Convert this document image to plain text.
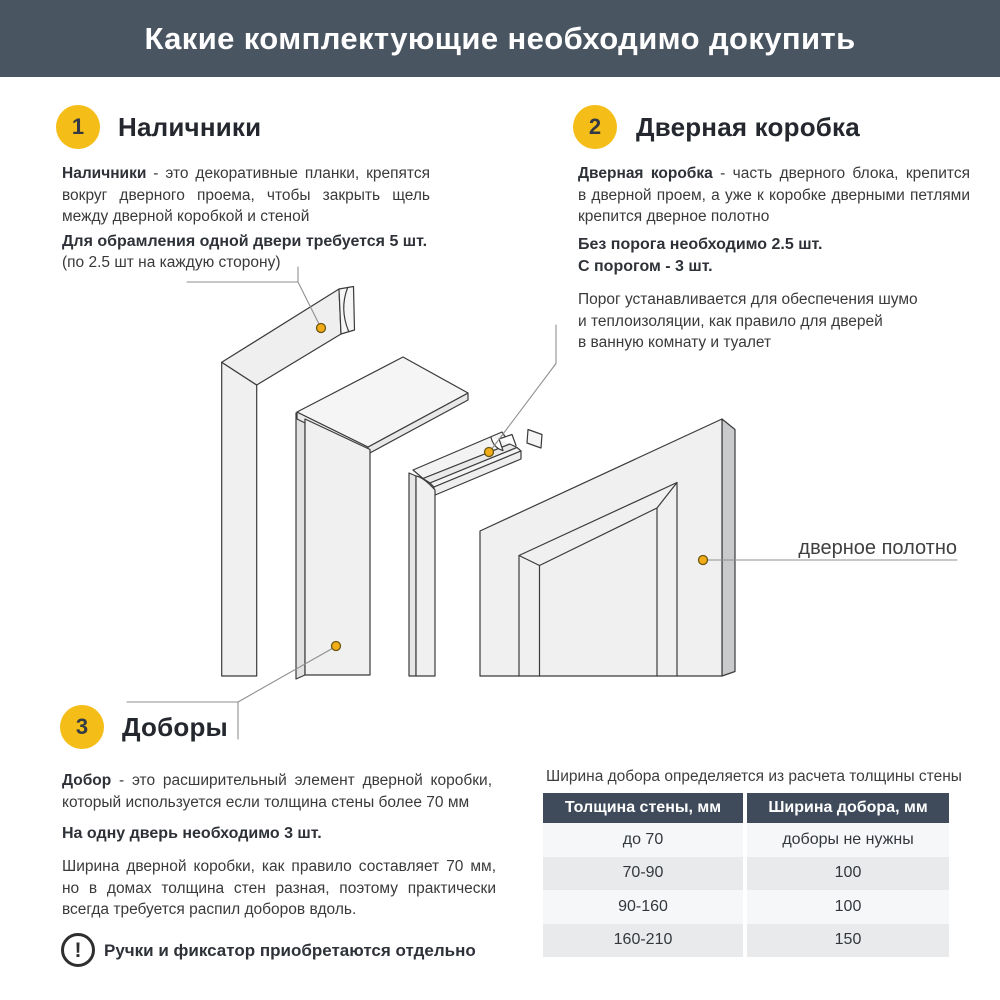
Какие комплектующие необходимо докупить
1	Наличники
Наличники - это декоративные планки, крепятся
вокруг дверного проема, чтобы закрыть щель
между дверной коробкой и стеной
Для обрамления одной двери требуется 5 шт.
(по 2.5 шт на каждую сторону)
2	Дверная коробка
Дверная коробка - часть дверного блока, крепится
в дверной проем, а уже к коробке дверными петлями
крепится дверное полотно
Без порога необходимо 2.5 шт.
С порогом - 3 шт.
Порог устанавливается для обеспечения шумо
и теплоизоляции, как правило для дверей
в ванную комнату и туалет
дверное полотно
3	Доборы
Добор - это расширительный элемент дверной коробки,
который используется если толщина стены более 70 мм
На одну дверь необходимо 3 шт.
Ширина дверной коробки, как правило составляет 70 мм,
но в домах толщина стен разная, поэтому практически
всегда требуется распил доборов вдоль.
Ширина добора определяется из расчета толщины стены
Толщина стены, мм	Ширина добора, мм
до 70	доборы не нужны
70-90	100
90-160	100
160-210	150
!	Ручки и фиксатор приобретаются отдельно
